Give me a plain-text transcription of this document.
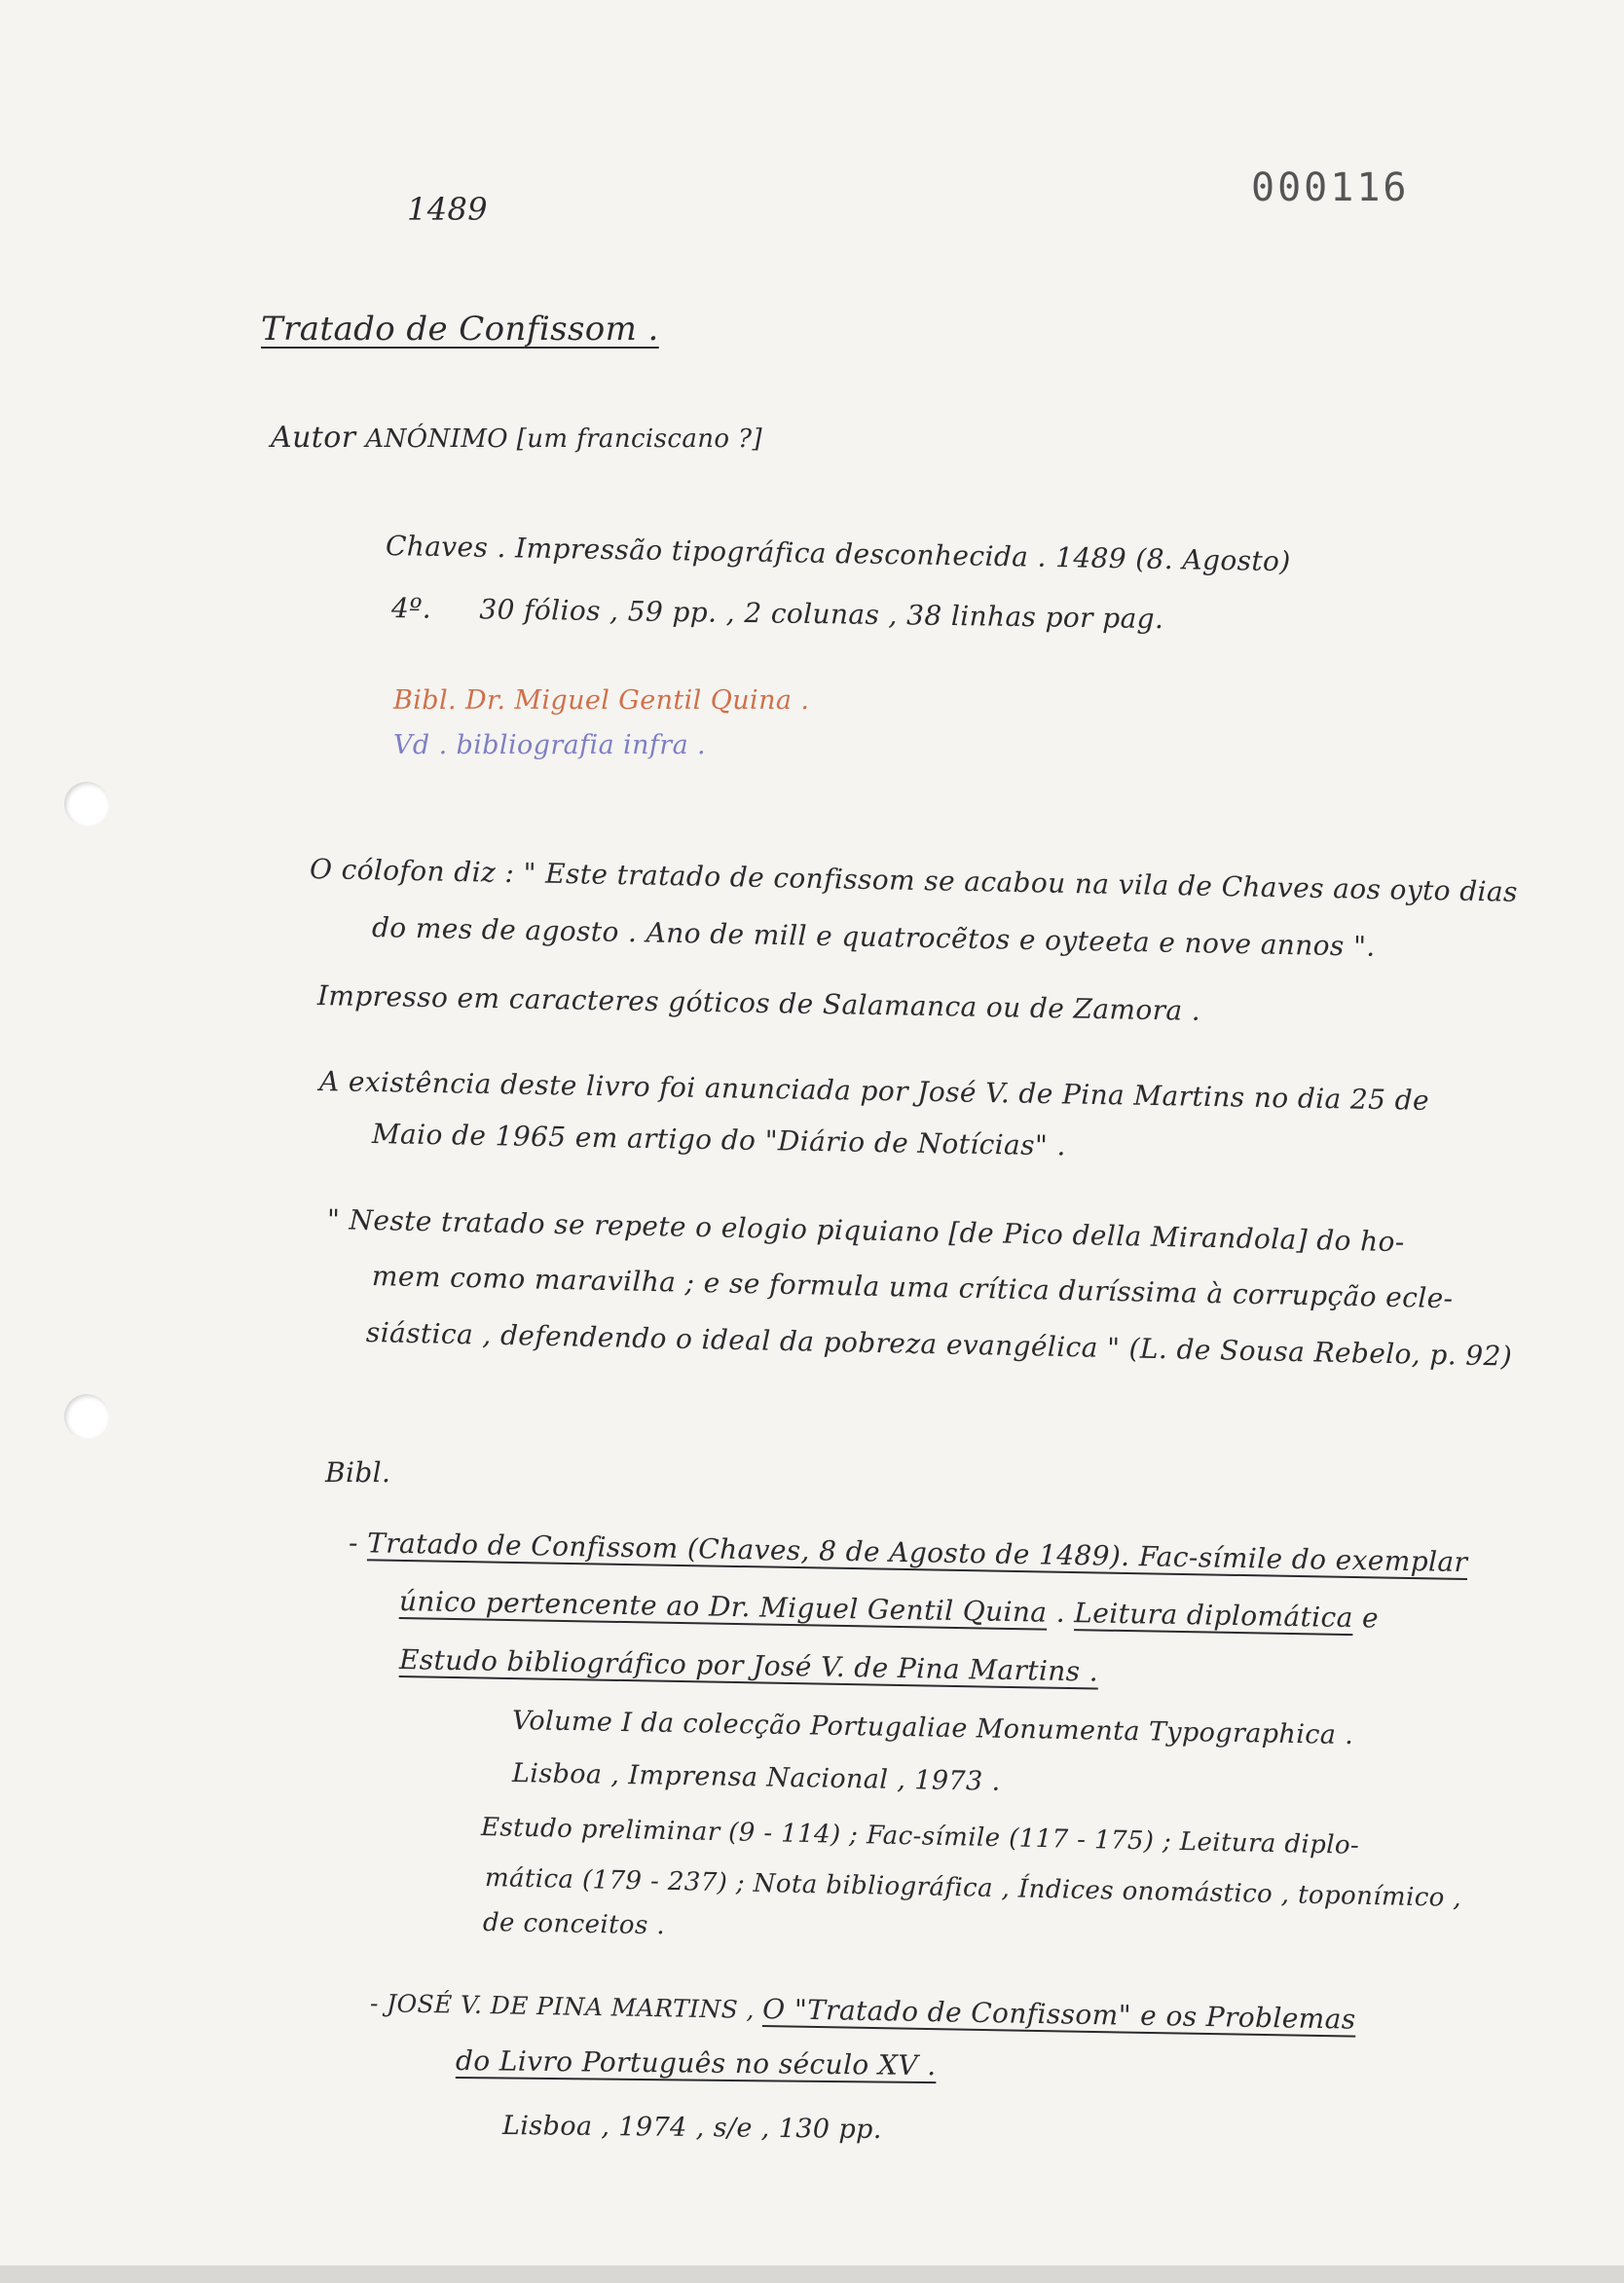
1489	000116
Tratado de Confissom .
Autor ANÓNIMO [um franciscano ?]
Chaves . Impressão tipográfica desconhecida . 1489 (8. Agosto)
4º. 30 fólios , 59 pp. , 2 colunas , 38 linhas por pag.
Bibl. Dr. Miguel Gentil Quina .
Vd . bibliografia infra .
O cólofon diz : " Este tratado de confissom se acabou na vila de Chaves aos oyto dias
do mes de agosto . Ano de mill e quatrocẽtos e oyteeta e nove annos ".
Impresso em caracteres góticos de Salamanca ou de Zamora .
A existência deste livro foi anunciada por José V. de Pina Martins no dia 25 de
Maio de 1965 em artigo do "Diário de Notícias" .
" Neste tratado se repete o elogio piquiano [de Pico della Mirandola] do ho-
mem como maravilha ; e se formula uma crítica duríssima à corrupção ecle-
siástica , defendendo o ideal da pobreza evangélica " (L. de Sousa Rebelo, p. 92)
Bibl.
- Tratado de Confissom (Chaves, 8 de Agosto de 1489). Fac-símile do exemplar
único pertencente ao Dr. Miguel Gentil Quina . Leitura diplomática e
Estudo bibliográfico por José V. de Pina Martins .
Volume I da colecção Portugaliae Monumenta Typographica .
Lisboa , Imprensa Nacional , 1973 .
Estudo preliminar (9 - 114) ; Fac-símile (117 - 175) ; Leitura diplo-
mática (179 - 237) ; Nota bibliográfica , Índices onomástico , toponímico ,
de conceitos .
- JOSÉ V. DE PINA MARTINS , O "Tratado de Confissom" e os Problemas
do Livro Português no século XV .
Lisboa , 1974 , s/e , 130 pp.
